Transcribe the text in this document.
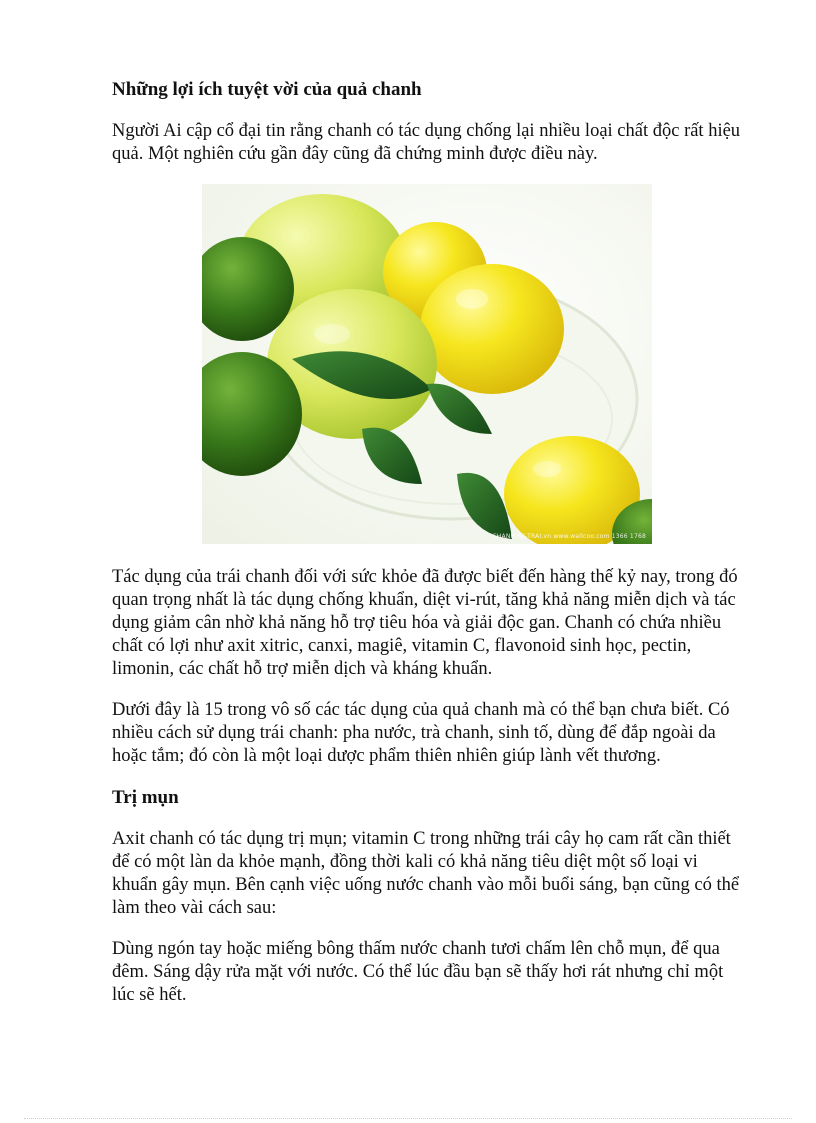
Những lợi ích tuyệt vời của quả chanh

Người Ai cập cổ đại tin rằng chanh có tác dụng chống lại nhiều loại chất độc rất hiệu quả. Một nghiên cứu gần đây cũng đã chứng minh được điều này.

CHANH-N&TRAI.vn www.wallcoo.com 1366 1768

Tác dụng của trái chanh đối với sức khỏe đã được biết đến hàng thế kỷ nay, trong đó quan trọng nhất là tác dụng chống khuẩn, diệt vi-rút, tăng khả năng miễn dịch và tác dụng giảm cân nhờ khả năng hỗ trợ tiêu hóa và giải độc gan. Chanh có chứa nhiều chất có lợi như axit xitric, canxi, magiê, vitamin C, flavonoid sinh học, pectin, limonin, các chất hỗ trợ miễn dịch và kháng khuẩn.

Dưới đây là 15 trong vô số các tác dụng của quả chanh mà có thể bạn chưa biết. Có nhiều cách sử dụng trái chanh: pha nước, trà chanh, sinh tố, dùng để đắp ngoài da hoặc tắm; đó còn là một loại dược phẩm thiên nhiên giúp lành vết thương.

Trị mụn

Axit chanh có tác dụng trị mụn; vitamin C trong những trái cây họ cam rất cần thiết để có một làn da khỏe mạnh, đồng thời kali có khả năng tiêu diệt một số loại vi khuẩn gây mụn. Bên cạnh việc uống nước chanh vào mỗi buổi sáng, bạn cũng có thể làm theo vài cách sau:

Dùng ngón tay hoặc miếng bông thấm nước chanh tươi chấm lên chỗ mụn, để qua đêm. Sáng dậy rửa mặt với nước. Có thể lúc đầu bạn sẽ thấy hơi rát nhưng chỉ một lúc sẽ hết.
